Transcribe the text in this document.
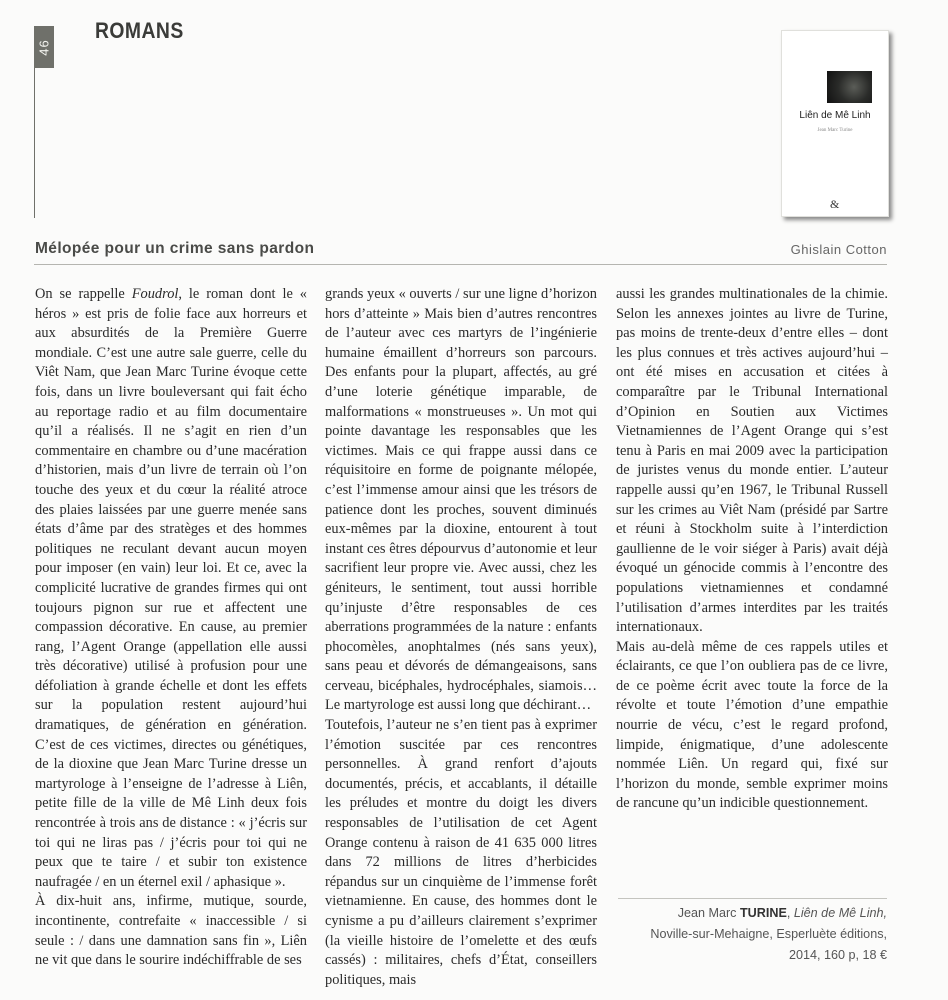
46
ROMANS
Liên de Mê Linh
Jean Marc Turine
&
Mélopée pour un crime sans pardon	Ghislain Cotton

On se rappelle Foudrol, le roman dont le « héros » est pris de folie face aux horreurs et aux absurdités de la Première Guerre mondiale. C’est une autre sale guerre, celle du Viêt Nam, que Jean Marc Turine évoque cette fois, dans un livre bouleversant qui fait écho au reportage radio et au film documentaire qu’il a réalisés. Il ne s’agit en rien d’un commentaire en chambre ou d’une macération d’historien, mais d’un livre de terrain où l’on touche des yeux et du cœur la réalité atroce des plaies laissées par une guerre menée sans états d’âme par des stratèges et des hommes politiques ne reculant devant aucun moyen pour imposer (en vain) leur loi. Et ce, avec la complicité lucrative de grandes firmes qui ont toujours pignon sur rue et affectent une compassion décorative. En cause, au premier rang, l’Agent Orange (appellation elle aussi très décorative) utilisé à profusion pour une défoliation à grande échelle et dont les effets sur la population restent aujourd’hui dramatiques, de génération en génération. C’est de ces victimes, directes ou génétiques, de la dioxine que Jean Marc Turine dresse un martyrologe à l’enseigne de l’adresse à Liên, petite fille de la ville de Mê Linh deux fois rencontrée à trois ans de distance : « j’écris sur toi qui ne liras pas / j’écris pour toi qui ne peux que te taire / et subir ton existence naufragée / en un éternel exil / aphasique ».

À dix-huit ans, infirme, mutique, sourde, incontinente, contrefaite « inaccessible / si seule : / dans une damnation sans fin », Liên ne vit que dans le sourire indéchiffrable de ses

grands yeux « ouverts / sur une ligne d’horizon hors d’atteinte » Mais bien d’autres rencontres de l’auteur avec ces martyrs de l’ingénierie humaine émaillent d’horreurs son parcours. Des enfants pour la plupart, affectés, au gré d’une loterie génétique imparable, de malformations « monstrueuses ». Un mot qui pointe davantage les responsables que les victimes. Mais ce qui frappe aussi dans ce réquisitoire en forme de poignante mélopée, c’est l’immense amour ainsi que les trésors de patience dont les proches, souvent diminués eux-mêmes par la dioxine, entourent à tout instant ces êtres dépourvus d’autonomie et leur sacrifient leur propre vie. Avec aussi, chez les géniteurs, le sentiment, tout aussi horrible qu’injuste d’être responsables de ces aberrations programmées de la nature : enfants phocomèles, anophtalmes (nés sans yeux), sans peau et dévorés de démangeaisons, sans cerveau, bicéphales, hydrocéphales, siamois… Le martyrologe est aussi long que déchirant…

Toutefois, l’auteur ne s’en tient pas à exprimer l’émotion suscitée par ces rencontres personnelles. À grand renfort d’ajouts documentés, précis, et accablants, il détaille les préludes et montre du doigt les divers responsables de l’utilisation de cet Agent Orange contenu à raison de 41 635 000 litres dans 72 millions de litres d’herbicides répandus sur un cinquième de l’immense forêt vietnamienne. En cause, des hommes dont le cynisme a pu d’ailleurs clairement s’exprimer (la vieille histoire de l’omelette et des œufs cassés) : militaires, chefs d’État, conseillers politiques, mais

aussi les grandes multinationales de la chimie. Selon les annexes jointes au livre de Turine, pas moins de trente-deux d’entre elles – dont les plus connues et très actives aujourd’hui – ont été mises en accusation et citées à comparaître par le Tribunal International d’Opinion en Soutien aux Victimes Vietnamiennes de l’Agent Orange qui s’est tenu à Paris en mai 2009 avec la participation de juristes venus du monde entier. L’auteur rappelle aussi qu’en 1967, le Tribunal Russell sur les crimes au Viêt Nam (présidé par Sartre et réuni à Stockholm suite à l’interdiction gaullienne de le voir siéger à Paris) avait déjà évoqué un génocide commis à l’encontre des populations vietnamiennes et condamné l’utilisation d’armes interdites par les traités internationaux.

Mais au-delà même de ces rappels utiles et éclairants, ce que l’on oubliera pas de ce livre, de ce poème écrit avec toute la force de la révolte et toute l’émotion d’une empathie nourrie de vécu, c’est le regard profond, limpide, énigmatique, d’une adolescente nommée Liên. Un regard qui, fixé sur l’horizon du monde, semble exprimer moins de rancune qu’un indicible questionnement.

Jean Marc TURINE, Liên de Mê Linh,
Noville-sur-Mehaigne, Esperluète éditions,
2014, 160 p, 18 €
